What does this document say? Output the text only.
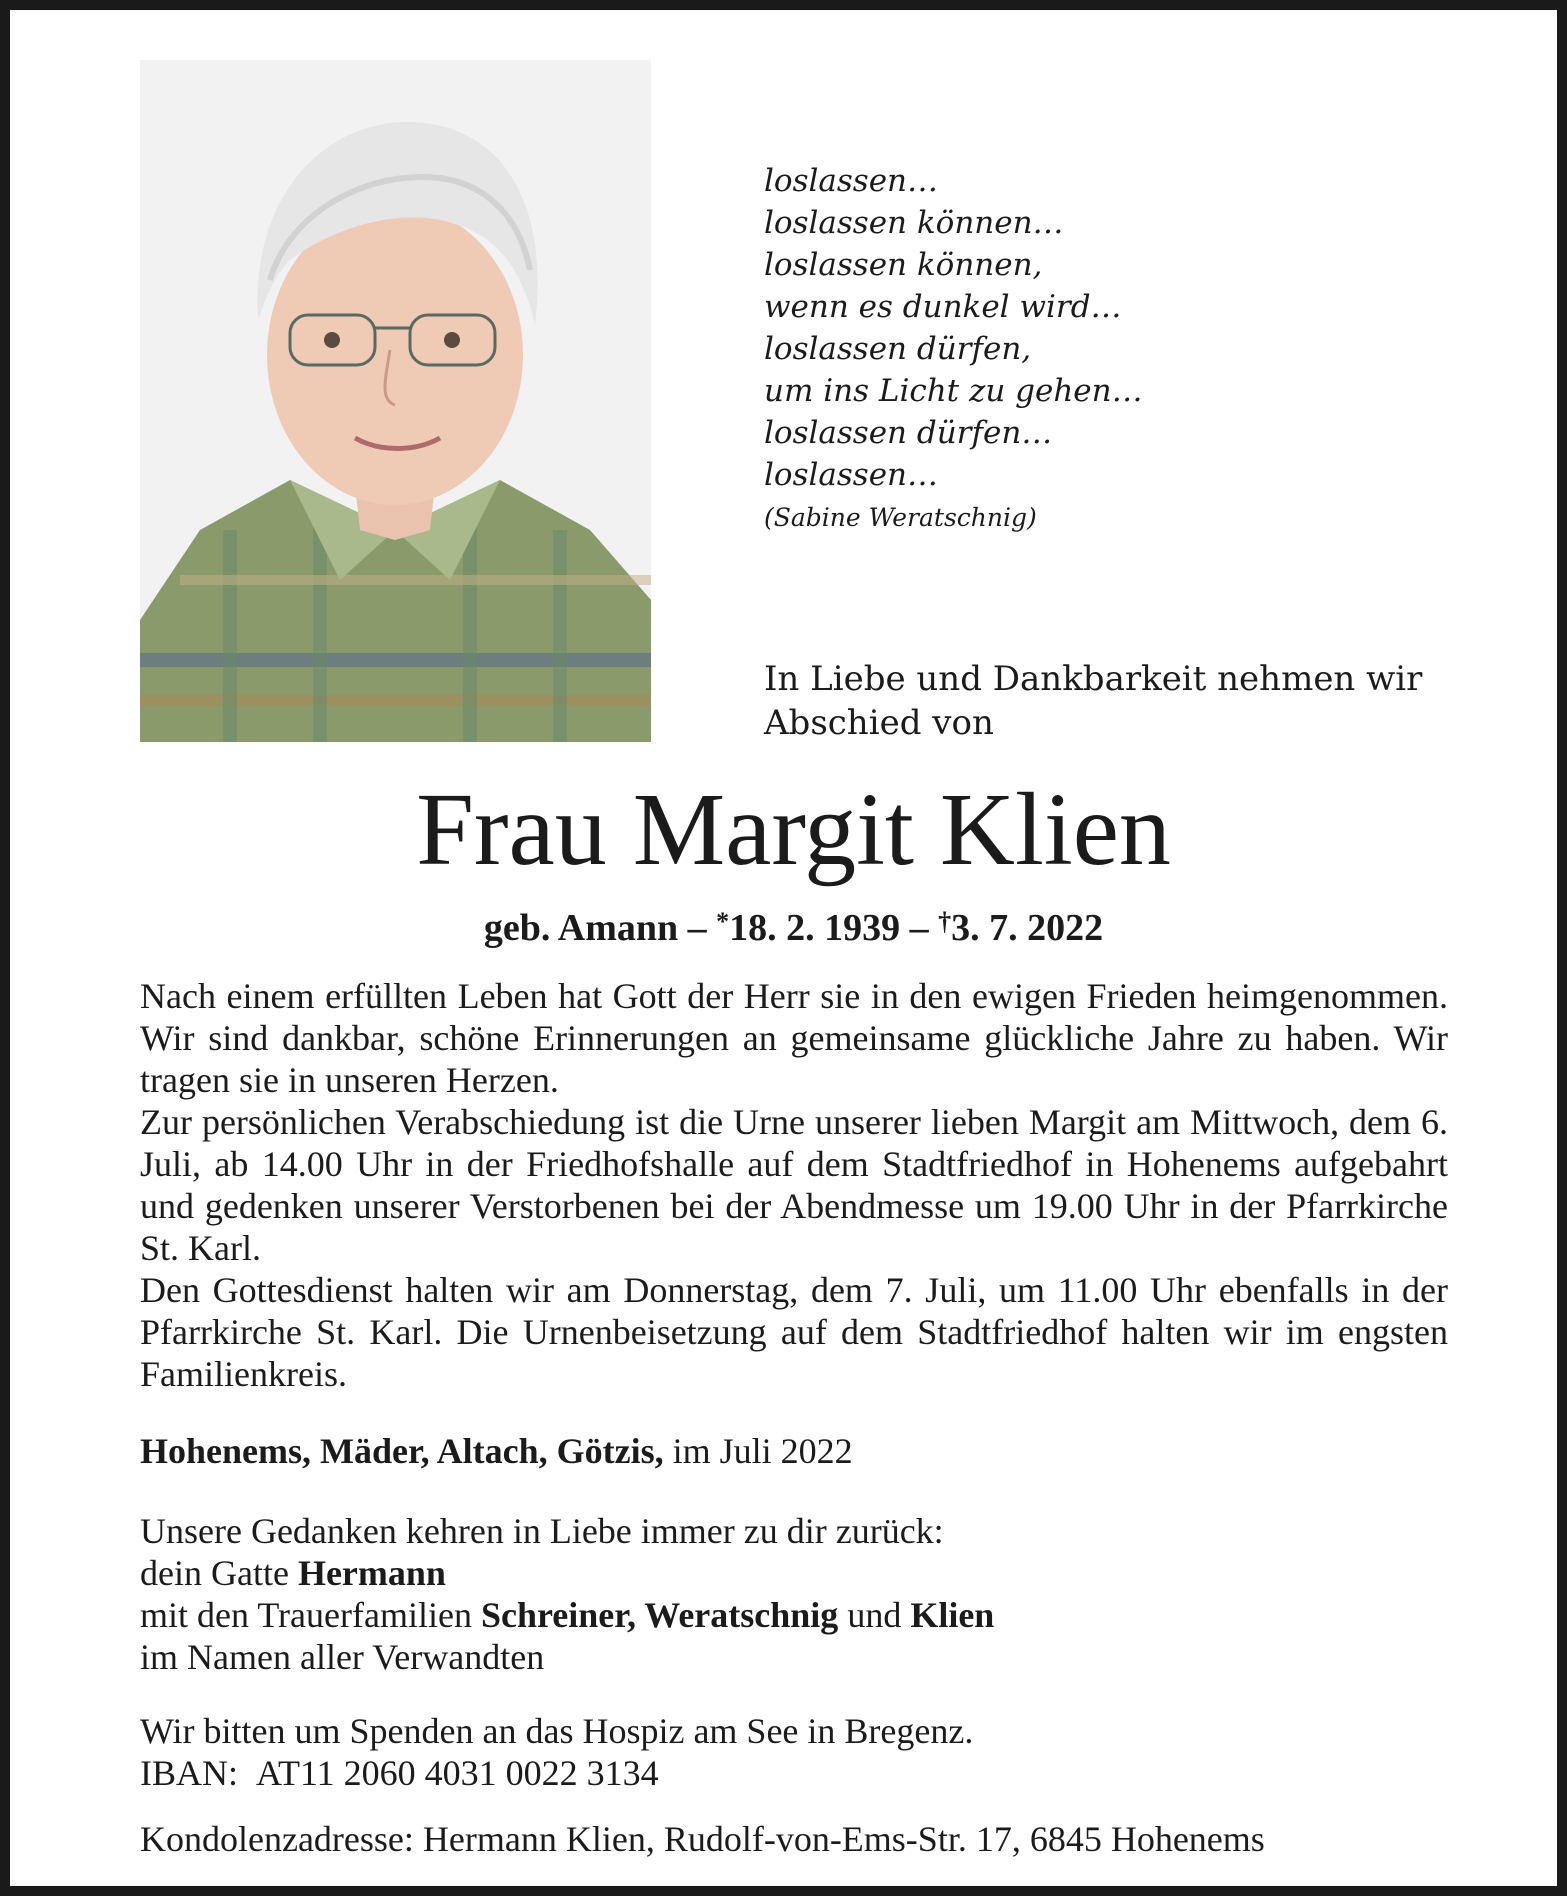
loslassen…
loslassen können…
loslassen können,
wenn es dunkel wird…
loslassen dürfen,
um ins Licht zu gehen…
loslassen dürfen…
loslassen…
(Sabine Weratschnig)
In Liebe und Dankbarkeit nehmen wir Abschied von
Frau Margit Klien
geb. Amann – *18. 2. 1939 – †3. 7. 2022

Nach einem erfüllten Leben hat Gott der Herr sie in den ewigen Frieden heimgenommen. Wir sind dankbar, schöne Erinnerungen an gemeinsame glückliche Jahre zu haben. Wir tragen sie in unseren Herzen.

Zur persönlichen Verabschiedung ist die Urne unserer lieben Margit am Mittwoch, dem 6. Juli, ab 14.00 Uhr in der Friedhofshalle auf dem Stadtfriedhof in Hohenems aufgebahrt und gedenken unserer Verstorbenen bei der Abendmesse um 19.00 Uhr in der Pfarrkirche St. Karl.

Den Gottesdienst halten wir am Donnerstag, dem 7. Juli, um 11.00 Uhr ebenfalls in der Pfarrkirche St. Karl. Die Urnenbeisetzung auf dem Stadtfriedhof halten wir im engsten Familienkreis.

Hohenems, Mäder, Altach, Götzis, im Juli 2022
Unsere Gedanken kehren in Liebe immer zu dir zurück:
dein Gatte Hermann
mit den Trauerfamilien Schreiner, Weratschnig und Klien
im Namen aller Verwandten
Wir bitten um Spenden an das Hospiz am See in Bregenz.
IBAN: AT11 2060 4031 0022 3134
Kondolenzadresse: Hermann Klien, Rudolf-von-Ems-Str. 17, 6845 Hohenems
